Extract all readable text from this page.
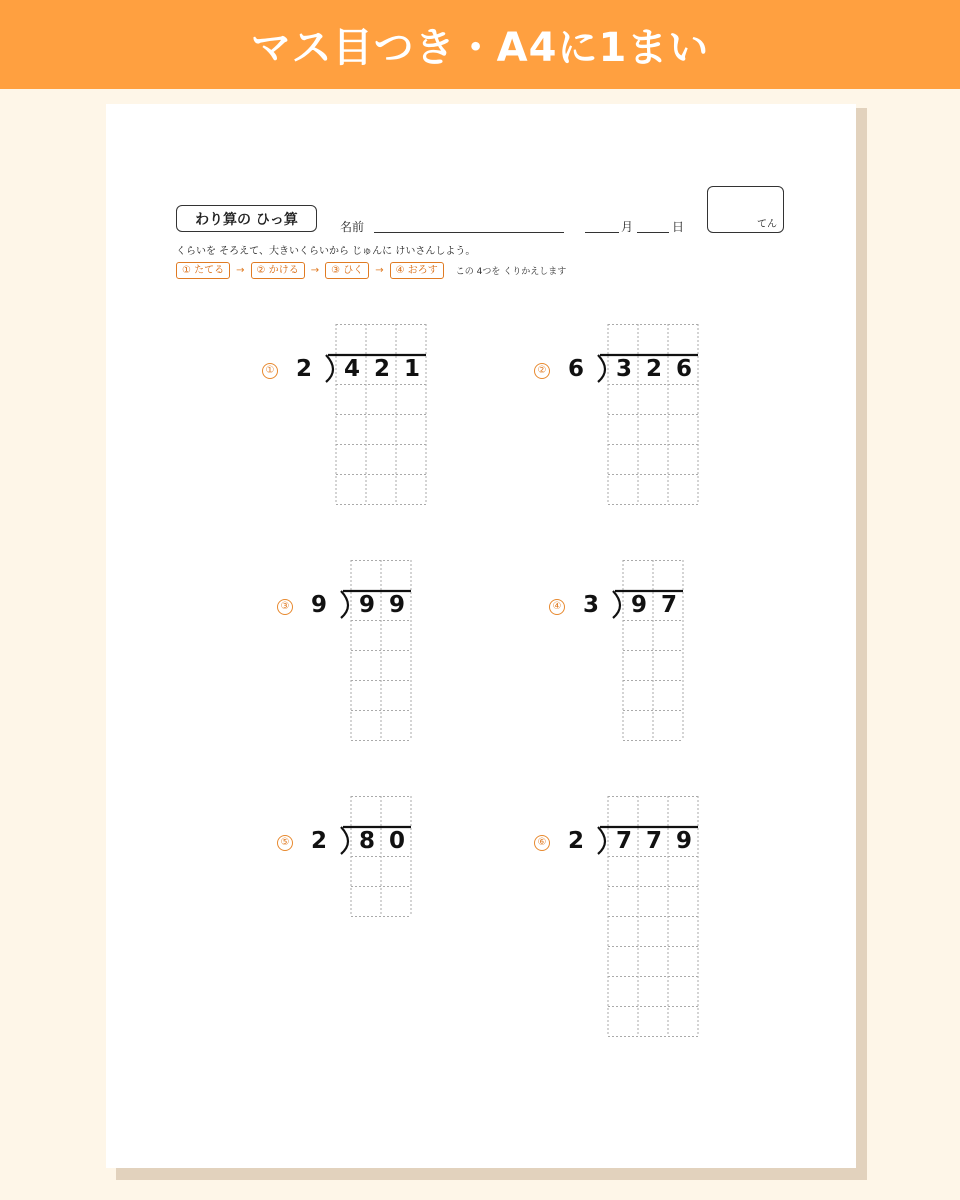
マス目つき・A4に1まい
わり算の ひっ算	名前	月	日	てん
くらいを そろえて、大きいくらいから じゅんに けいさんしよう。
① たてる	→	② かける	→	③ ひく	→	④ おろす	この 4つを くりかえします
4 2 1
2
①	3 2 6
6
②
9 9
9
③	9 7
3
④
8 0
2
⑤	7 7 9
2
⑥
